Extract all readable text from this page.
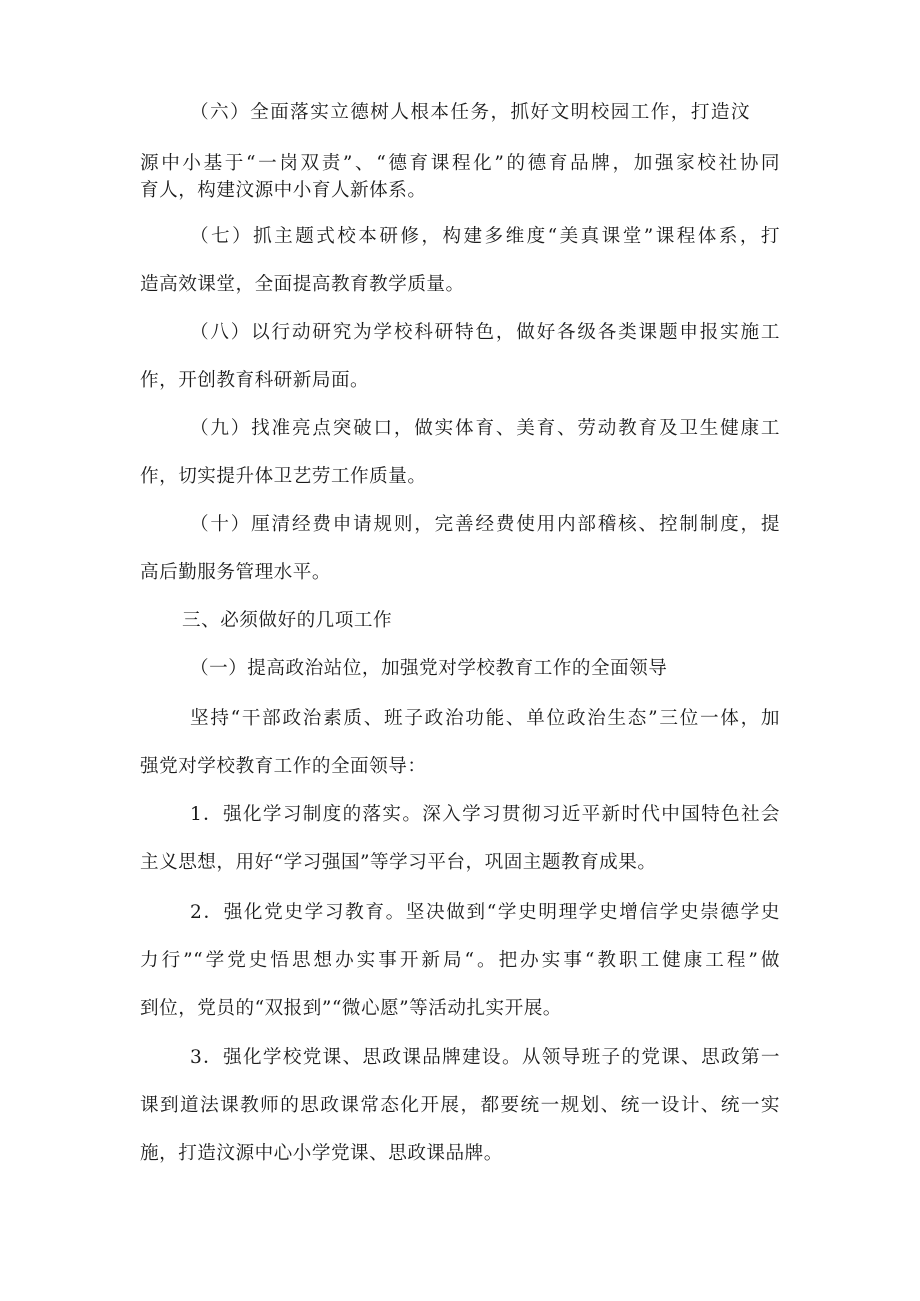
（六）全面落实立德树人根本任务，抓好文明校园工作，打造汶
源中小基于“一岗双责”、“德育课程化”的德育品牌，加强家校社协同
育人，构建汶源中小育人新体系。
（七）抓主题式校本研修，构建多维度“美真课堂”课程体系，打
造高效课堂，全面提高教育教学质量。
（八）以行动研究为学校科研特色，做好各级各类课题申报实施工
作，开创教育科研新局面。
（九）找准亮点突破口，做实体育、美育、劳动教育及卫生健康工
作，切实提升体卫艺劳工作质量。
（十）厘清经费申请规则，完善经费使用内部稽核、控制制度，提
高后勤服务管理水平。
三、必须做好的几项工作
（一）提高政治站位，加强党对学校教育工作的全面领导
坚持“干部政治素质、班子政治功能、单位政治生态”三位一体，加
强党对学校教育工作的全面领导：
1．强化学习制度的落实。深入学习贯彻习近平新时代中国特色社会
主义思想，用好“学习强国”等学习平台，巩固主题教育成果。
2．强化党史学习教育。坚决做到“学史明理学史增信学史崇德学史
力行”“学党史悟思想办实事开新局“。把办实事“教职工健康工程”做
到位，党员的“双报到”“微心愿”等活动扎实开展。
3．强化学校党课、思政课品牌建设。从领导班子的党课、思政第一
课到道法课教师的思政课常态化开展，都要统一规划、统一设计、统一实
施，打造汶源中心小学党课、思政课品牌。
